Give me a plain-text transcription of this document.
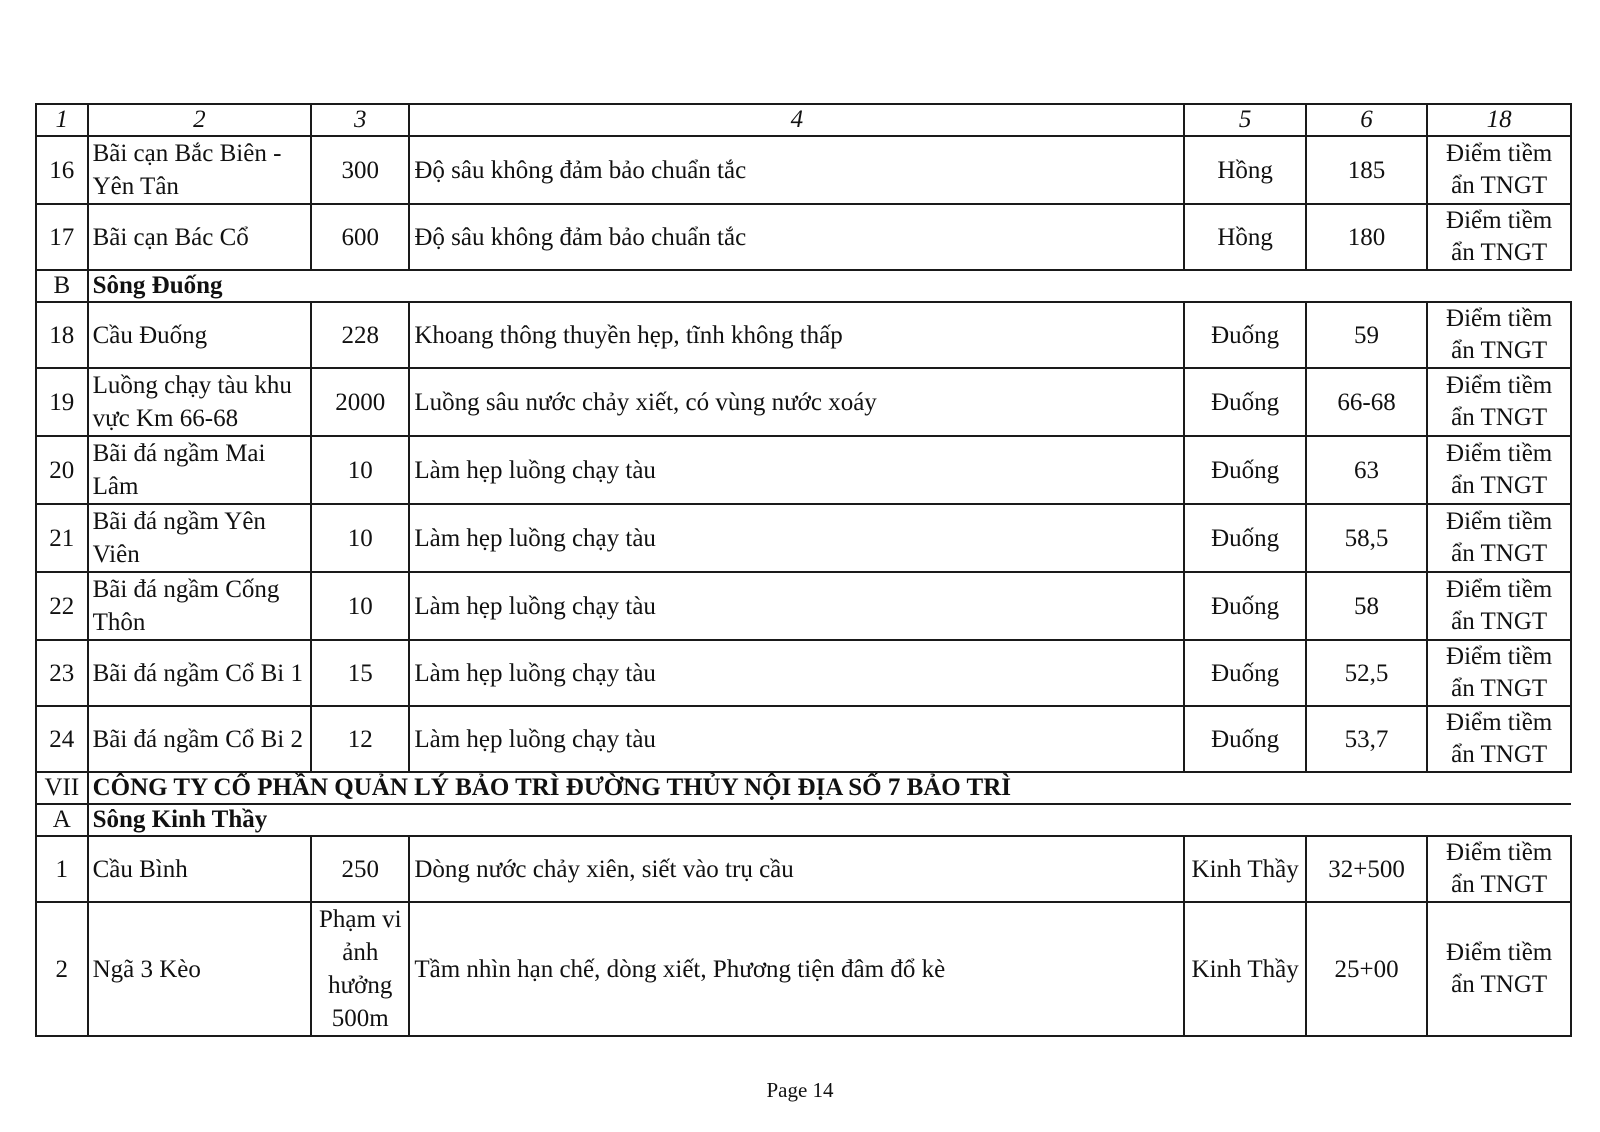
1	2	3	4	5	6	18
16	Bãi cạn Bắc Biên - Yên Tân	300	Độ sâu không đảm bảo chuẩn tắc	Hồng	185	Điểm tiềm ẩn TNGT
17	Bãi cạn Bác Cổ	600	Độ sâu không đảm bảo chuẩn tắc	Hồng	180	Điểm tiềm ẩn TNGT
B	Sông Đuống					
18	Cầu Đuống	228	Khoang thông thuyền hẹp, tĩnh không thấp	Đuống	59	Điểm tiềm ẩn TNGT
19	Luồng chạy tàu khu vực Km 66-68	2000	Luồng sâu nước chảy xiết, có vùng nước xoáy	Đuống	66-68	Điểm tiềm ẩn TNGT
20	Bãi đá ngầm Mai Lâm	10	Làm hẹp luồng chạy tàu	Đuống	63	Điểm tiềm ẩn TNGT
21	Bãi đá ngầm Yên Viên	10	Làm hẹp luồng chạy tàu	Đuống	58,5	Điểm tiềm ẩn TNGT
22	Bãi đá ngầm Cống Thôn	10	Làm hẹp luồng chạy tàu	Đuống	58	Điểm tiềm ẩn TNGT
23	Bãi đá ngầm Cổ Bi 1	15	Làm hẹp luồng chạy tàu	Đuống	52,5	Điểm tiềm ẩn TNGT
24	Bãi đá ngầm Cổ Bi 2	12	Làm hẹp luồng chạy tàu	Đuống	53,7	Điểm tiềm ẩn TNGT
VII	CÔNG TY CỔ PHẦN QUẢN LÝ BẢO TRÌ ĐƯỜNG THỦY NỘI ĐỊA SỐ 7 BẢO TRÌ					
A	Sông Kinh Thầy					
1	Cầu Bình	250	Dòng nước chảy xiên, siết vào trụ cầu	Kinh Thầy	32+500	Điểm tiềm ẩn TNGT
2	Ngã 3 Kèo	Phạm vi ảnh hưởng 500m	Tầm nhìn hạn chế, dòng xiết, Phương tiện đâm đổ kè	Kinh Thầy	25+00	Điểm tiềm ẩn TNGT
Page 14
